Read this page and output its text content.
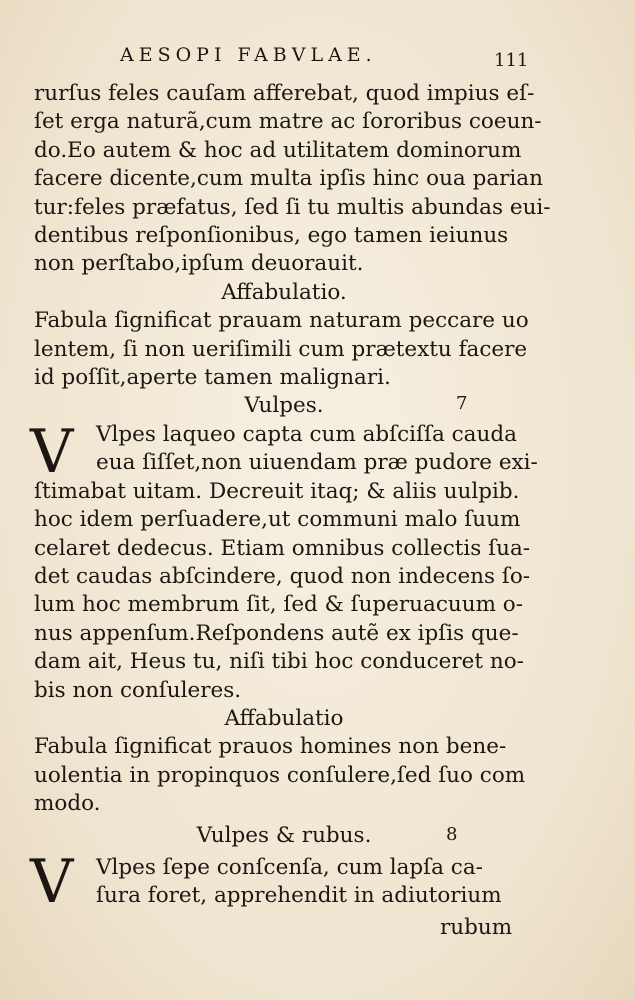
AESOPI FABVLAE.	111
rurſus feles cauſam afferebat, quod impius eſ-
ſet erga naturã,cum matre ac ſororibus coeun-
do.Eo autem & hoc ad utilitatem dominorum
facere dicente,cum multa ipſis hinc oua parian
tur:feles præfatus, ſed ſi tu multis abundas eui-
dentibus reſponſionibus, ego tamen ieiunus
non perſtabo,ipſum deuorauit.
Affabulatio.
Fabula ſignificat prauam naturam peccare uo
lentem, ſi non ueriſimili cum prætextu facere
id poſſit,aperte tamen malignari.
Vulpes.	7
V	Vlpes laqueo capta cum abſciſſa cauda
eua ſiſſet,non uiuendam præ pudore exi-
ſtimabat uitam. Decreuit itaq; & aliis uulpib.
hoc idem perſuadere,ut communi malo ſuum
celaret dedecus. Etiam omnibus collectis ſua-
det caudas abſcindere, quod non indecens ſo-
lum hoc membrum ſit, ſed & ſuperuacuum o-
nus appenſum.Reſpondens autẽ ex ipſis que-
dam ait, Heus tu, niſi tibi hoc conduceret no-
bis non conſuleres.
Affabulatio
Fabula ſignificat prauos homines non bene-
uolentia in propinquos conſulere,ſed ſuo com
modo.
Vulpes & rubus.	8
V	Vlpes ſepe conſcenſa, cum lapſa ca-
ſura foret, apprehendit in adiutorium
rubum
